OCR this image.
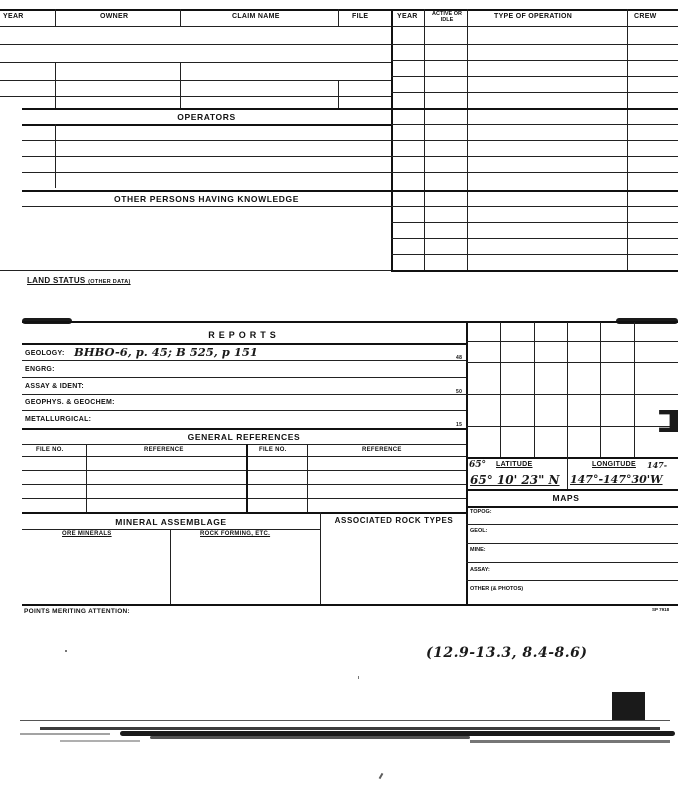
YEAR	OWNER	CLAIM NAME	FILE	YEAR	ACTIVE OR IDLE	TYPE OF OPERATION	CREW
OPERATORS
OTHER PERSONS HAVING KNOWLEDGE
LAND STATUS (OTHER DATA)
REPORTS
GEOLOGY: BHBO-6, p. 45; B 525, p 151	48
ENGRG:
ASSAY & IDENT:
50
GEOPHYS. & GEOCHEM:
METALLURGICAL:
15
GENERAL REFERENCES
FILE NO.	REFERENCE	FILE NO.	REFERENCE
MINERAL ASSEMBLAGE	ASSOCIATED ROCK TYPES
ORE MINERALS	ROCK FORMING, ETC.
65° LATITUDE	LONGITUDE 147-
65° 10' 23" N 147°-147°30'W
MAPS
TOPOG:
GEOL:
MINE:
ASSAY:
OTHER (& PHOTOS)
POINTS MERITING ATTENTION:	SP 7918
(12.9-13.3, 8.4-8.6)
